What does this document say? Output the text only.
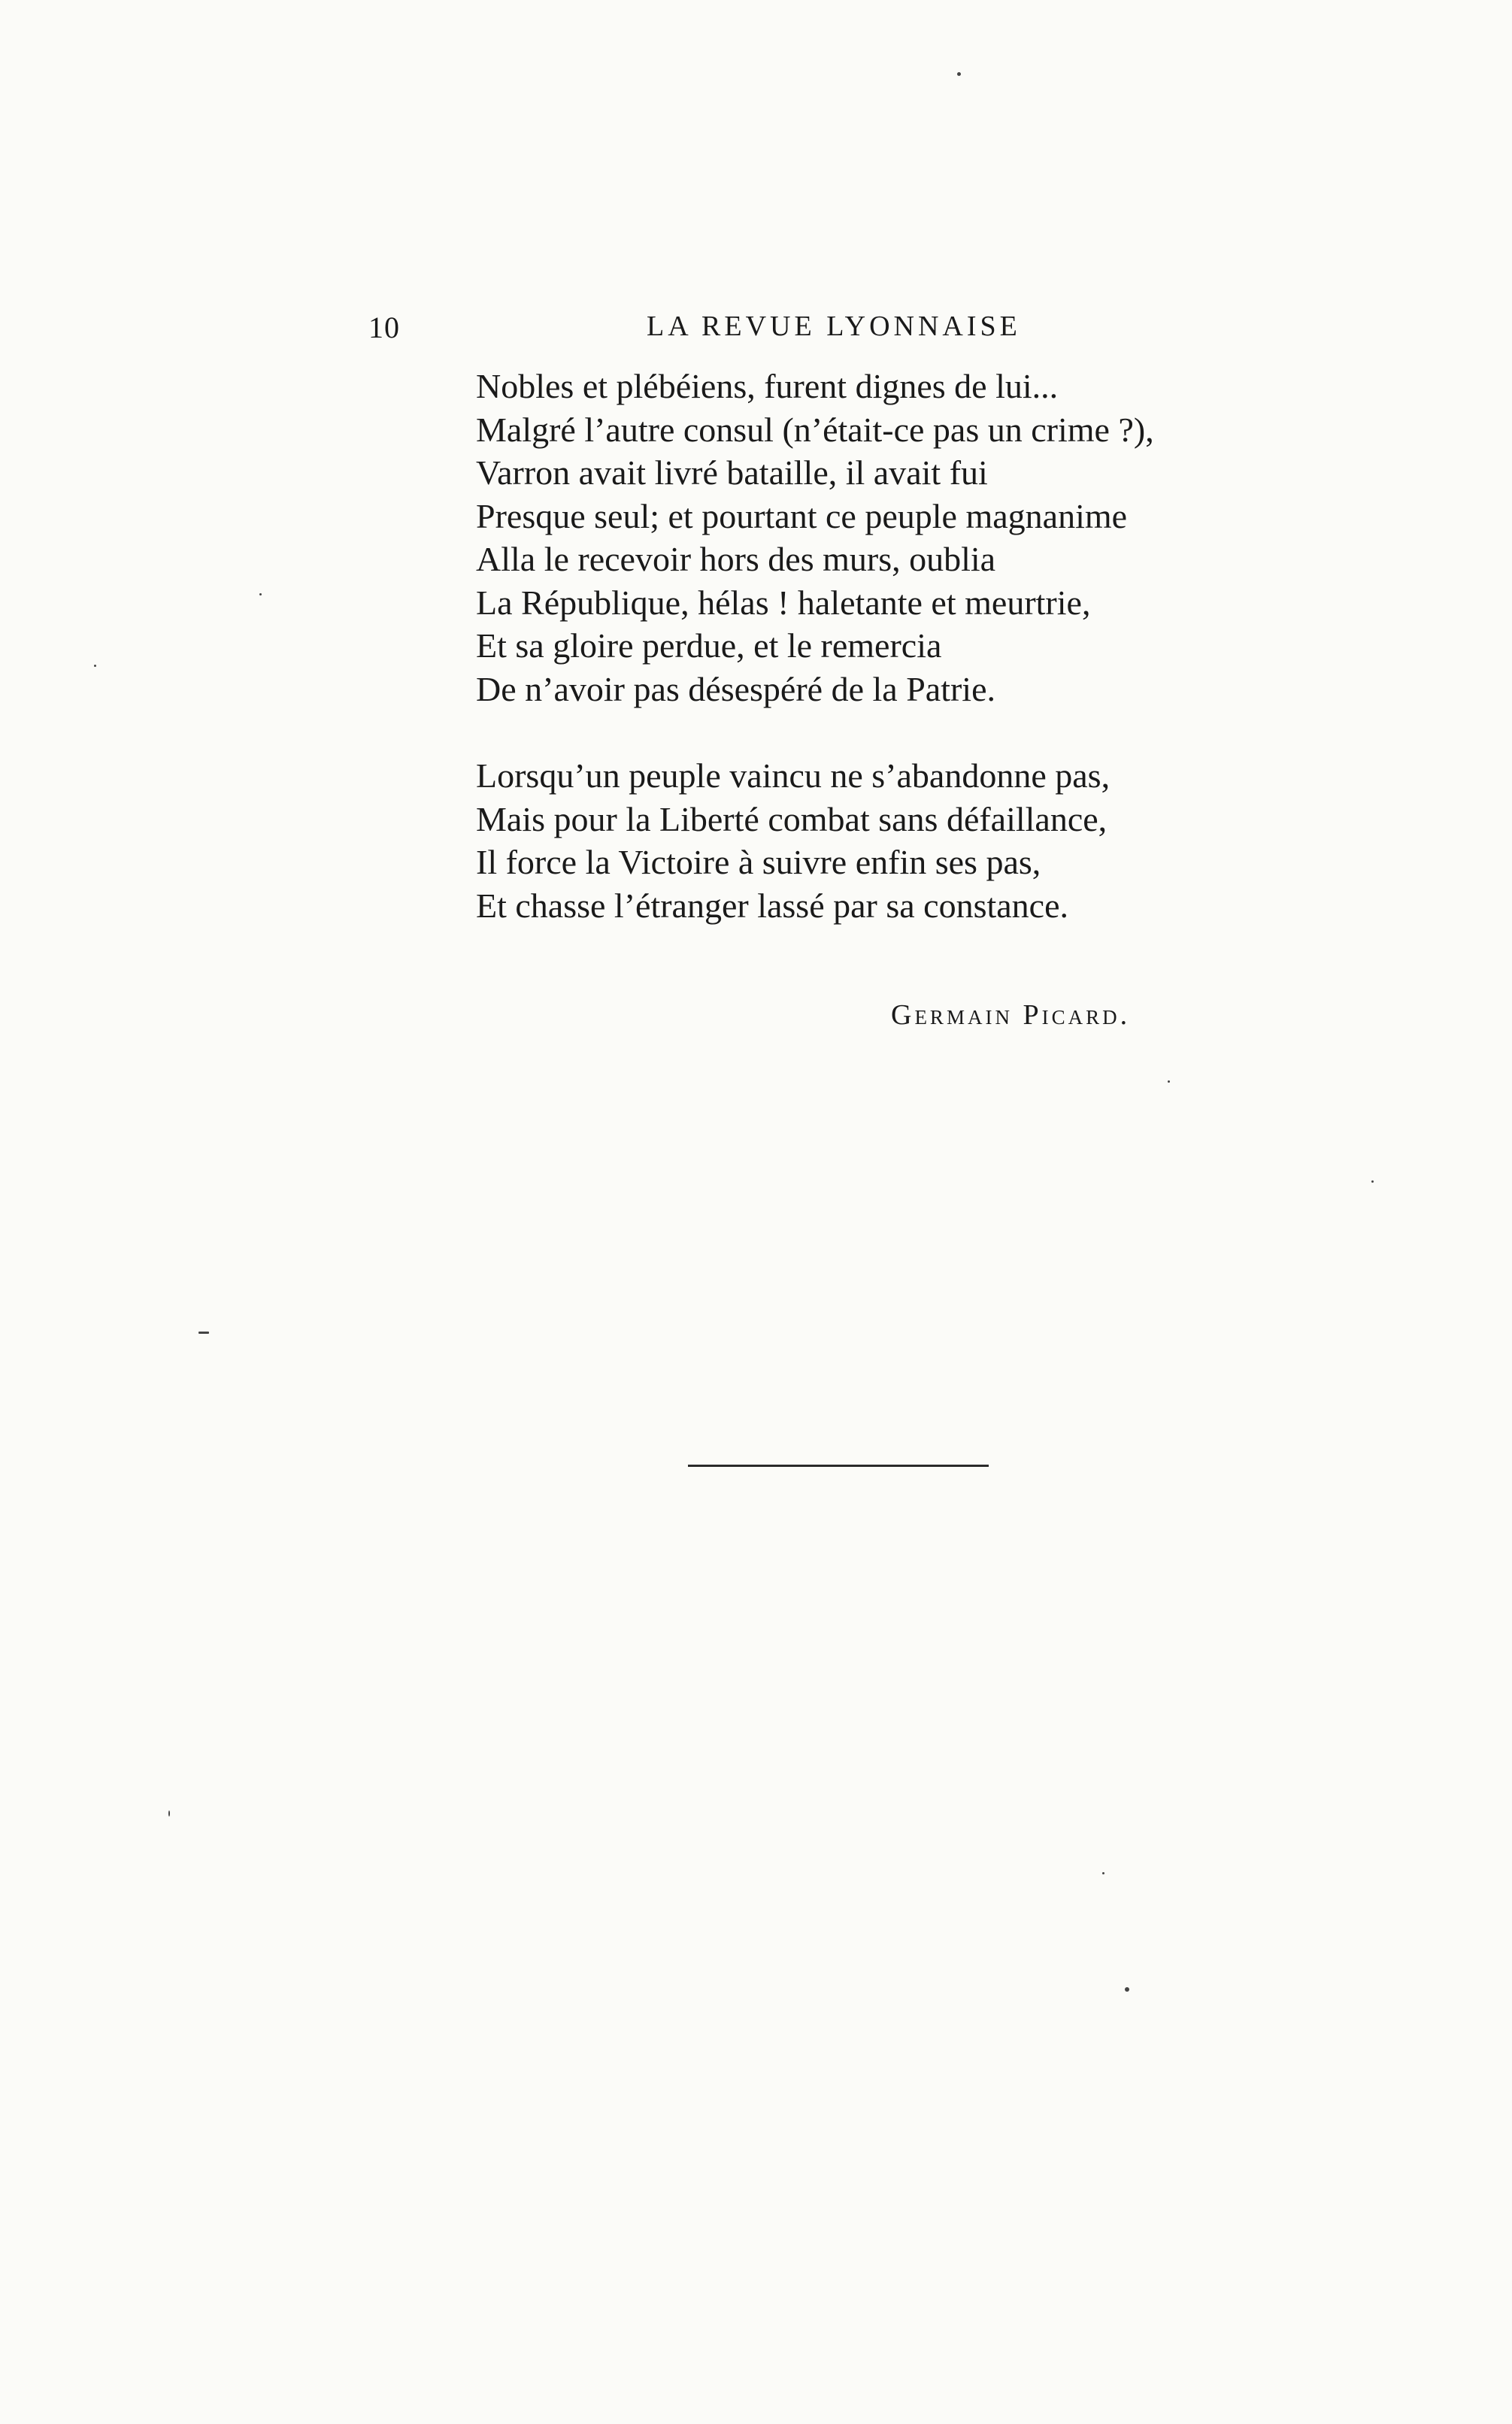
10	LA REVUE LYONNAISE
Nobles et plébéiens, furent dignes de lui...
Malgré l’autre consul (n’était-ce pas un crime ?),
Varron avait livré bataille, il avait fui
Presque seul; et pourtant ce peuple magnanime
Alla le recevoir hors des murs, oublia
La République, hélas ! haletante et meurtrie,
Et sa gloire perdue, et le remercia
De n’avoir pas désespéré de la Patrie.
Lorsqu’un peuple vaincu ne s’abandonne pas,
Mais pour la Liberté combat sans défaillance,
Il force la Victoire à suivre enfin ses pas,
Et chasse l’étranger lassé par sa constance.
Germain Picard.
